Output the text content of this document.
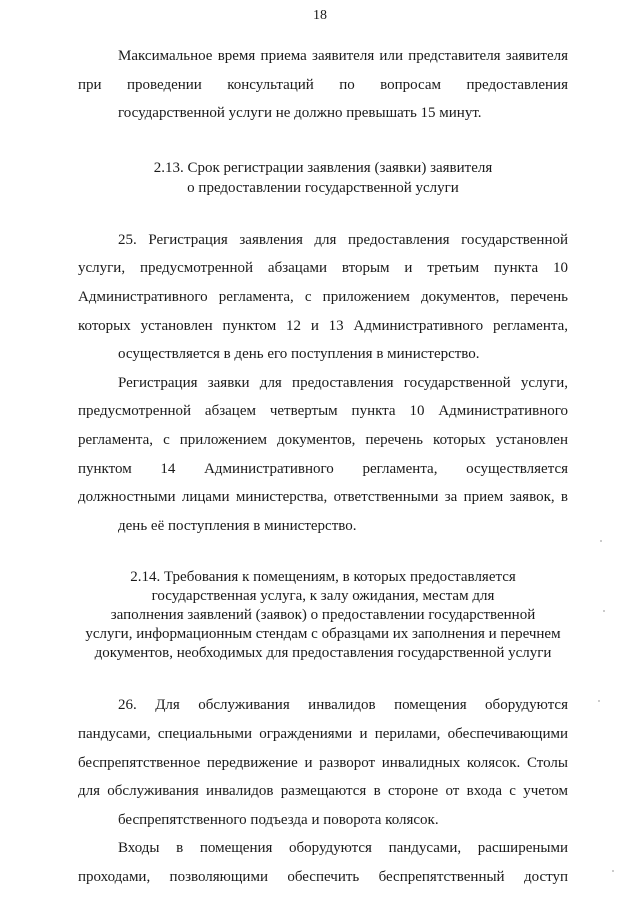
18
Максимальное время приема заявителя или представителя заявителя
при проведении консультаций по вопросам предоставления
государственной услуги не должно превышать 15 минут.
2.13. Срок регистрации заявления (заявки) заявителя
о предоставлении государственной услуги
25. Регистрация заявления для предоставления государственной
услуги, предусмотренной абзацами вторым и третьим пункта 10
Административного регламента, с приложением документов, перечень
которых установлен пунктом 12 и 13 Административного регламента,
осуществляется в день его поступления в министерство.
Регистрация заявки для предоставления государственной услуги,
предусмотренной абзацем четвертым пункта 10 Административного
регламента, с приложением документов, перечень которых установлен
пунктом 14 Административного регламента, осуществляется
должностными лицами министерства, ответственными за прием заявок, в
день её поступления в министерство.
2.14. Требования к помещениям, в которых предоставляется
государственная услуга, к залу ожидания, местам для
заполнения заявлений (заявок) о предоставлении государственной
услуги, информационным стендам с образцами их заполнения и перечнем
документов, необходимых для предоставления государственной услуги
26. Для обслуживания инвалидов помещения оборудуются
пандусами, специальными ограждениями и перилами, обеспечивающими
беспрепятственное передвижение и разворот инвалидных колясок. Столы
для обслуживания инвалидов размещаются в стороне от входа с учетом
беспрепятственного подъезда и поворота колясок.
Входы в помещения оборудуются пандусами, расширеными
проходами, позволяющими обеспечить беспрепятственный доступ
